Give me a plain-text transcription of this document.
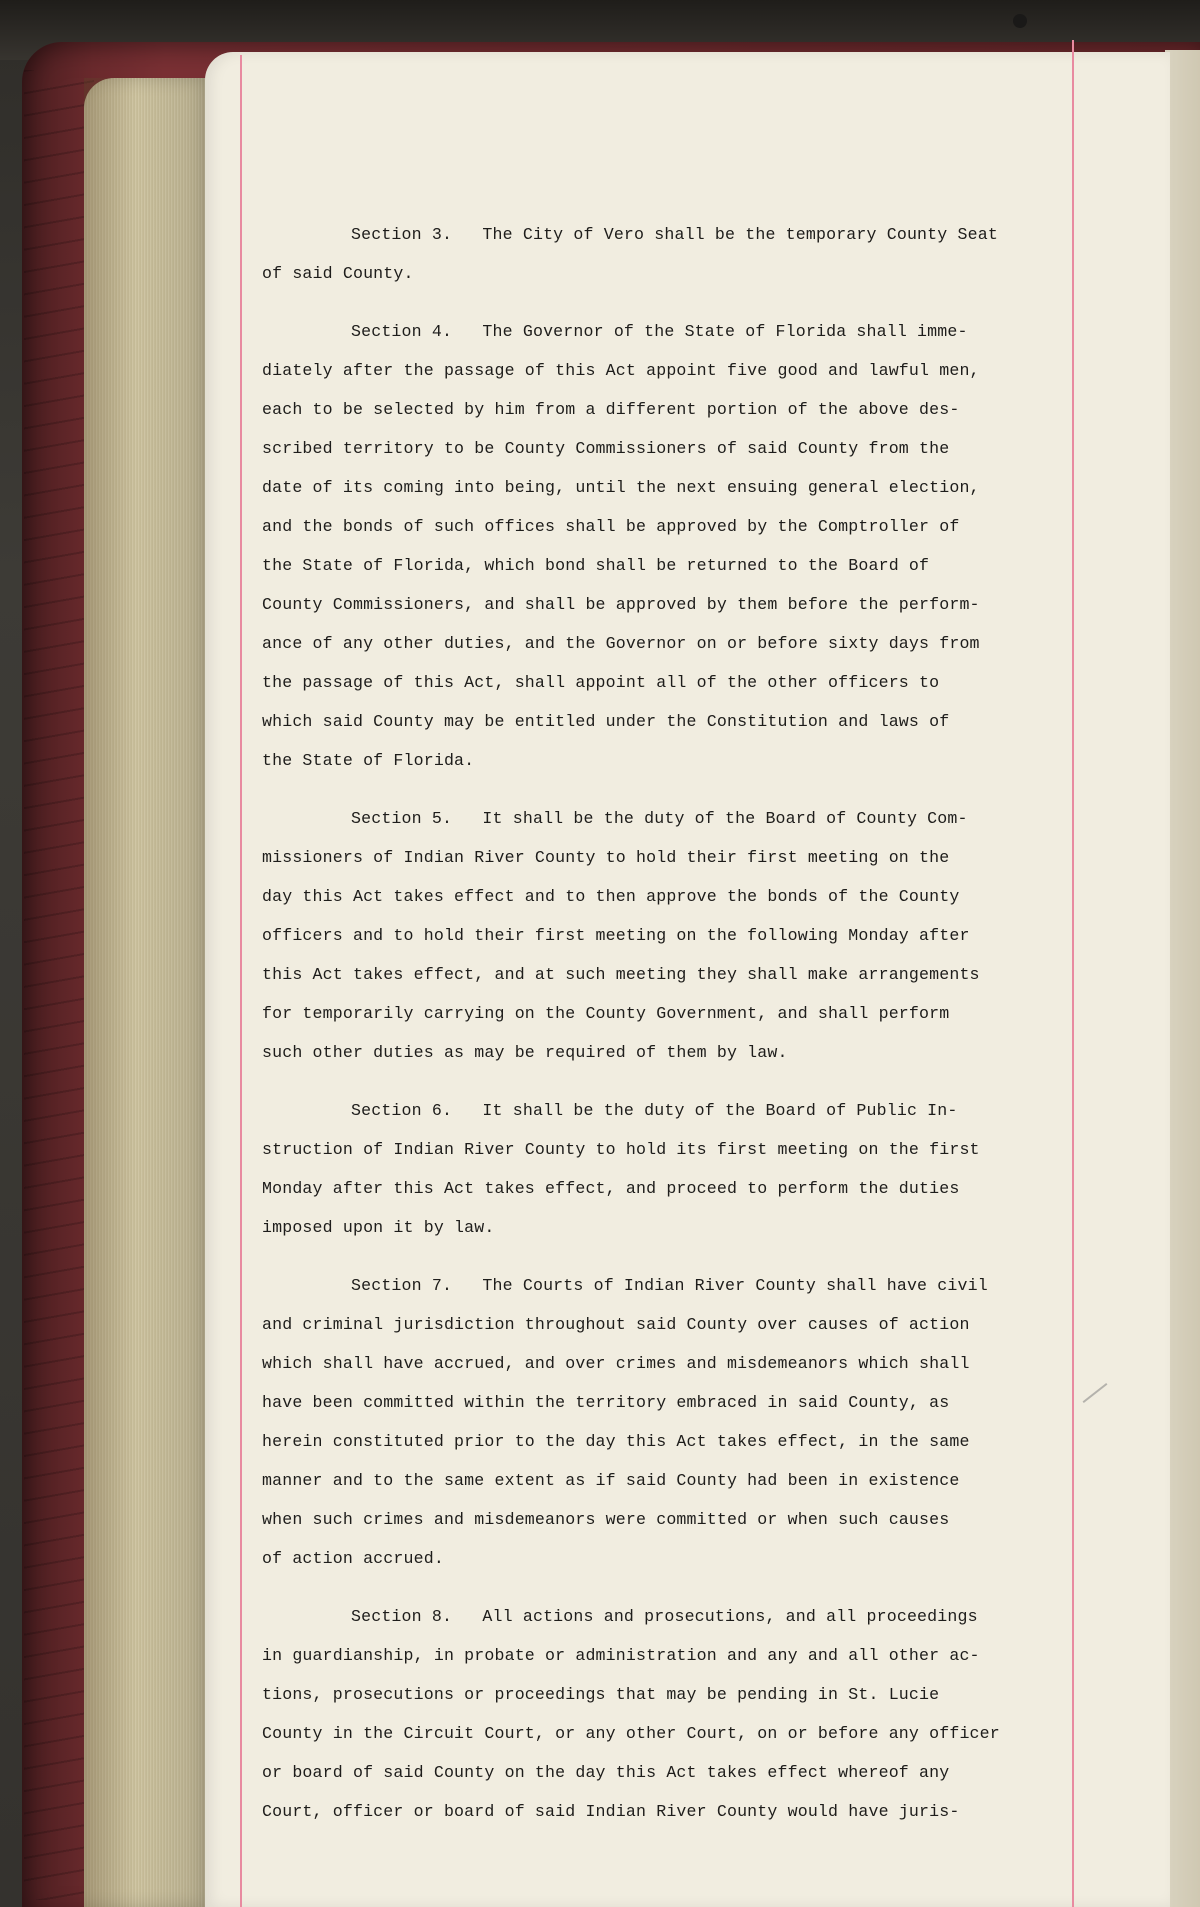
Section 3. The City of Vero shall be the temporary County Seat
of said County.
Section 4. The Governor of the State of Florida shall imme-
diately after the passage of this Act appoint five good and lawful men,
each to be selected by him from a different portion of the above des-
scribed territory to be County Commissioners of said County from the
date of its coming into being, until the next ensuing general election,
and the bonds of such offices shall be approved by the Comptroller of
the State of Florida, which bond shall be returned to the Board of
County Commissioners, and shall be approved by them before the perform-
ance of any other duties, and the Governor on or before sixty days from
the passage of this Act, shall appoint all of the other officers to
which said County may be entitled under the Constitution and laws of
the State of Florida.
Section 5. It shall be the duty of the Board of County Com-
missioners of Indian River County to hold their first meeting on the
day this Act takes effect and to then approve the bonds of the County
officers and to hold their first meeting on the following Monday after
this Act takes effect, and at such meeting they shall make arrangements
for temporarily carrying on the County Government, and shall perform
such other duties as may be required of them by law.
Section 6. It shall be the duty of the Board of Public In-
struction of Indian River County to hold its first meeting on the first
Monday after this Act takes effect, and proceed to perform the duties
imposed upon it by law.
Section 7. The Courts of Indian River County shall have civil
and criminal jurisdiction throughout said County over causes of action
which shall have accrued, and over crimes and misdemeanors which shall
have been committed within the territory embraced in said County, as
herein constituted prior to the day this Act takes effect, in the same
manner and to the same extent as if said County had been in existence
when such crimes and misdemeanors were committed or when such causes
of action accrued.
Section 8. All actions and prosecutions, and all proceedings
in guardianship, in probate or administration and any and all other ac-
tions, prosecutions or proceedings that may be pending in St. Lucie
County in the Circuit Court, or any other Court, on or before any officer
or board of said County on the day this Act takes effect whereof any
Court, officer or board of said Indian River County would have juris-
